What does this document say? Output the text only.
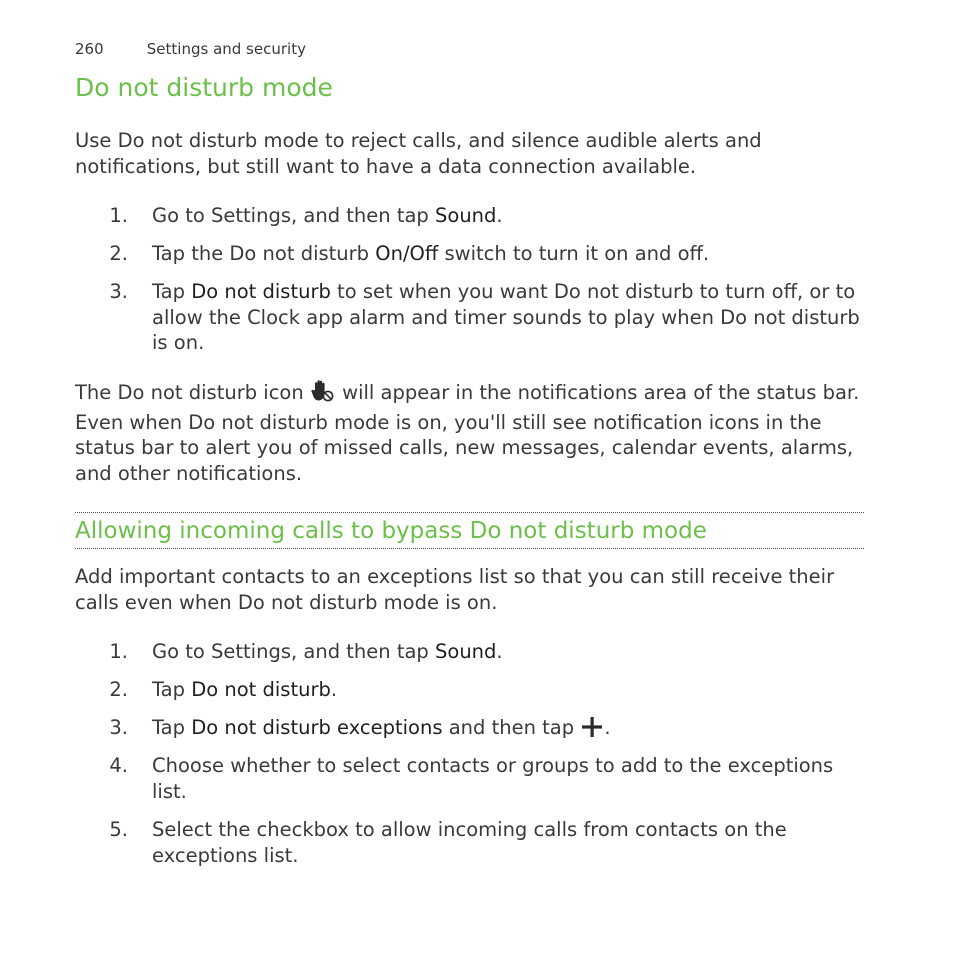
260	Settings and security
Do not disturb mode

Use Do not disturb mode to reject calls, and silence audible alerts and notifications, but still want to have a data connection available.

1. Go to Settings, and then tap Sound.
2. Tap the Do not disturb On/Off switch to turn it on and off.
3. Tap Do not disturb to set when you want Do not disturb to turn off, or to allow the Clock app alarm and timer sounds to play when Do not disturb is on.

The Do not disturb icon  will appear in the notifications area of the status bar. Even when Do not disturb mode is on, you'll still see notification icons in the status bar to alert you of missed calls, new messages, calendar events, alarms, and other notifications.

Allowing incoming calls to bypass Do not disturb mode

Add important contacts to an exceptions list so that you can still receive their calls even when Do not disturb mode is on.

1. Go to Settings, and then tap Sound.
2. Tap Do not disturb.
3. Tap Do not disturb exceptions and then tap .
4. Choose whether to select contacts or groups to add to the exceptions list.
5. Select the checkbox to allow incoming calls from contacts on the exceptions list.
